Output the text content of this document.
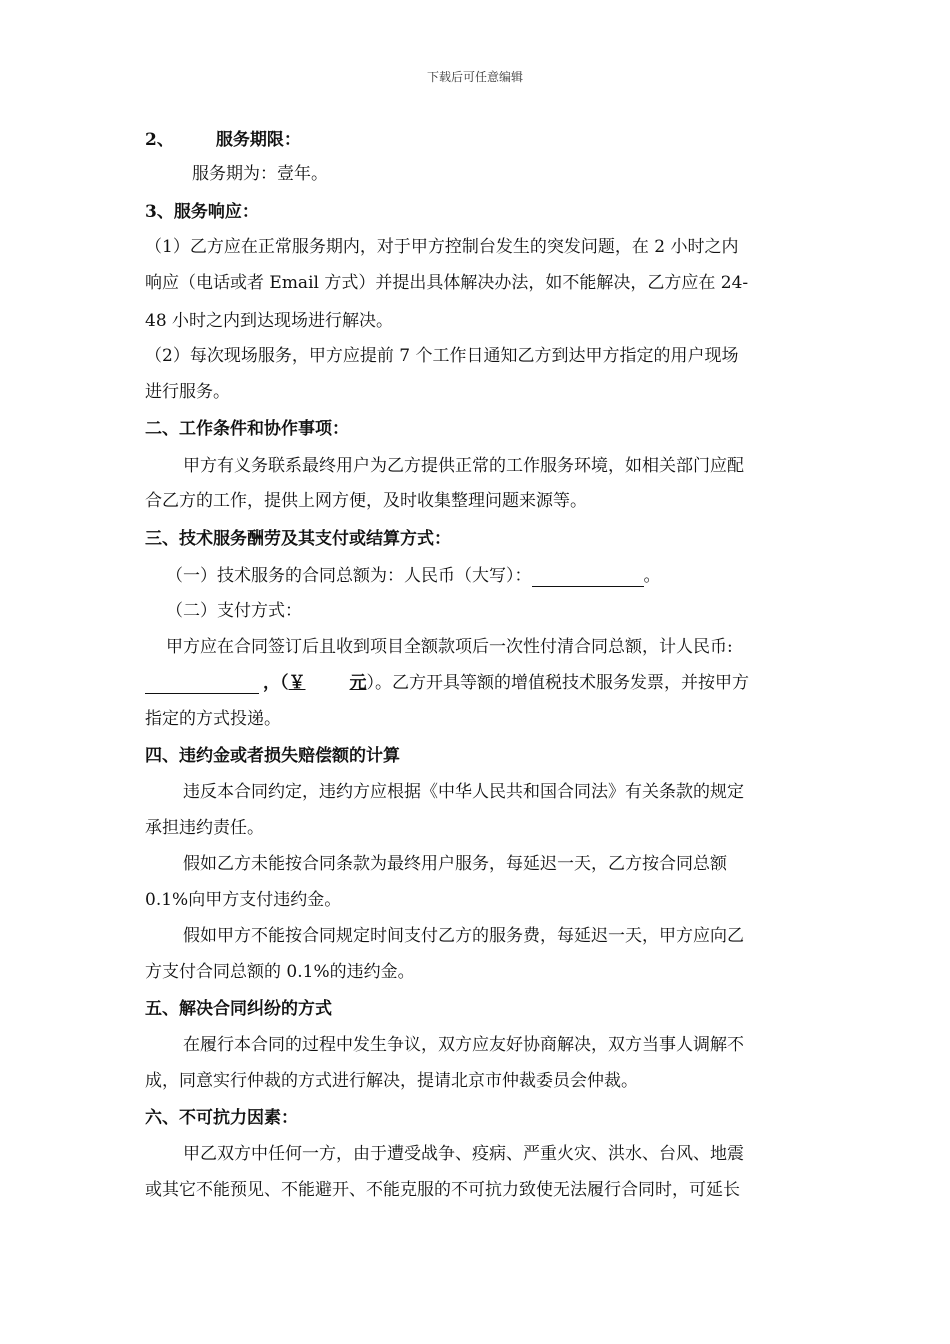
下载后可任意编辑
2、 服务期限：
服务期为：壹年。
3、服务响应：
（1）乙方应在正常服务期内，对于甲方控制台发生的突发问题，在 2 小时之内
响应（电话或者 Email 方式）并提出具体解决办法，如不能解决，乙方应在 24-
48 小时之内到达现场进行解决。
（2）每次现场服务，甲方应提前 7 个工作日通知乙方到达甲方指定的用户现场
进行服务。
二、工作条件和协作事项：
甲方有义务联系最终用户为乙方提供正常的工作服务环境，如相关部门应配
合乙方的工作，提供上网方便，及时收集整理问题来源等。
三、技术服务酬劳及其支付或结算方式：
（一）技术服务的合同总额为：人民币（大写）：	。
（二）支付方式：
甲方应在合同签订后且收到项目全额款项后一次性付清合同总额，计人民币:
，（￥	元）。乙方开具等额的增值税技术服务发票，并按甲方
指定的方式投递。
四、违约金或者损失赔偿额的计算
违反本合同约定，违约方应根据《中华人民共和国合同法》有关条款的规定
承担违约责任。
假如乙方未能按合同条款为最终用户服务，每延迟一天，乙方按合同总额
0.1%向甲方支付违约金。
假如甲方不能按合同规定时间支付乙方的服务费，每延迟一天，甲方应向乙
方支付合同总额的 0.1%的违约金。
五、解决合同纠纷的方式
在履行本合同的过程中发生争议，双方应友好协商解决，双方当事人调解不
成，同意实行仲裁的方式进行解决，提请北京市仲裁委员会仲裁。
六、不可抗力因素：
甲乙双方中任何一方，由于遭受战争、疫病、严重火灾、洪水、台风、地震
或其它不能预见、不能避开、不能克服的不可抗力致使无法履行合同时，可延长
